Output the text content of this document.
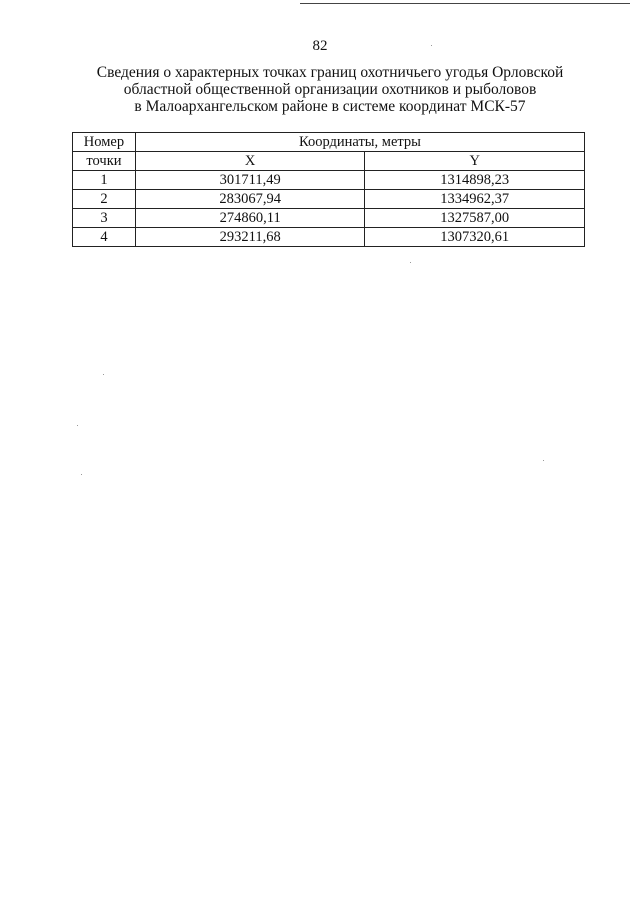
82
Сведения о характерных точках границ охотничьего угодья Орловской
областной общественной организации охотников и рыболовов
в Малоархангельском районе в системе координат МСК-57
Номер	Координаты, метры	
точки	X	Y
1	301711,49	1314898,23
2	283067,94	1334962,37
3	274860,11	1327587,00
4	293211,68	1307320,61
